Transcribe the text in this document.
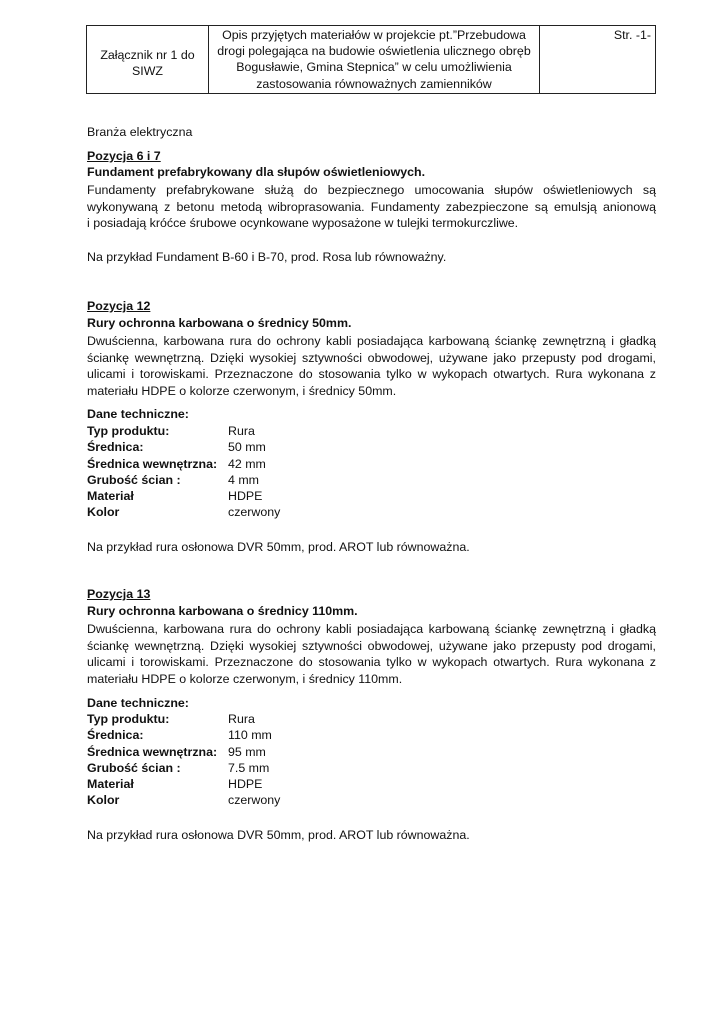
Załącznik nr 1 do SIWZ	
Opis przyjętych materiałów w projekcie pt.”Przebudowa
drogi polegająca na budowie oświetlenia ulicznego obręb
Bogusławie, Gmina Stepnica” w celu umożliwienia
zastosowania równoważnych zamienników
	Str. -1-
Branża elektryczna
Pozycja 6 i 7
Fundament prefabrykowany dla słupów oświetleniowych.
Fundamenty prefabrykowane służą do bezpiecznego umocowania słupów oświetleniowych są
wykonywaną z betonu metodą wibroprasowania. Fundamenty zabezpieczone są emulsją anionową
i posiadają króćce śrubowe ocynkowane wyposażone w tulejki termokurczliwe.
Na przykład Fundament B-60 i B-70, prod. Rosa lub równoważny.
Pozycja 12
Rury ochronna karbowana o średnicy 50mm.
Dwuścienna, karbowana rura do ochrony kabli posiadająca karbowaną ściankę zewnętrzną i gładką
ściankę wewnętrzną. Dzięki wysokiej sztywności obwodowej, używane jako przepusty pod drogami,
ulicami i torowiskami. Przeznaczone do stosowania tylko w wykopach otwartych. Rura wykonana z
materiału HDPE o kolorze czerwonym, i średnicy 50mm.
Dane techniczne:
Typ produktu:	Rura
Średnica:	50 mm
Średnica wewnętrzna: 42 mm
Grubość ścian :	4 mm
Materiał	HDPE
Kolor	czerwony
Na przykład rura osłonowa DVR 50mm, prod. AROT lub równoważna.
Pozycja 13
Rury ochronna karbowana o średnicy 110mm.
Dwuścienna, karbowana rura do ochrony kabli posiadająca karbowaną ściankę zewnętrzną i gładką
ściankę wewnętrzną. Dzięki wysokiej sztywności obwodowej, używane jako przepusty pod drogami,
ulicami i torowiskami. Przeznaczone do stosowania tylko w wykopach otwartych. Rura wykonana z
materiału HDPE o kolorze czerwonym, i średnicy 110mm.
Dane techniczne:
Typ produktu:	Rura
Średnica:	110 mm
Średnica wewnętrzna: 95 mm
Grubość ścian :	7.5 mm
Materiał	HDPE
Kolor	czerwony
Na przykład rura osłonowa DVR 50mm, prod. AROT lub równoważna.
